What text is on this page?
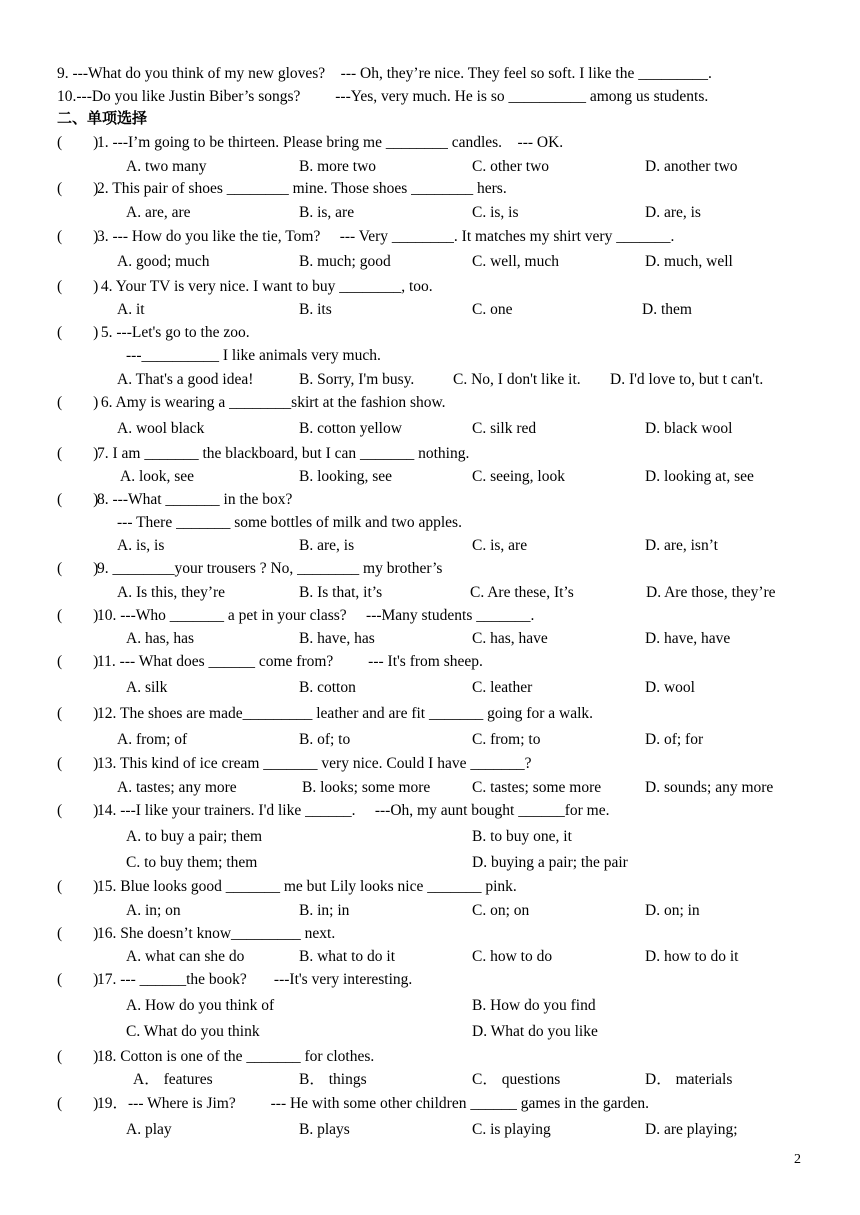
9. ---What do you think of my new gloves?    --- Oh, they’re nice. They feel so soft. I like the _________.
10.---Do you like Justin Biber’s songs?         ---Yes, very much. He is so __________ among us students.
二、单项选择
(        )
1. ---I’m going to be thirteen. Please bring me ________ candles.    --- OK.
A. two many	B. more two	C. other two	D. another two
(        )
2. This pair of shoes ________ mine. Those shoes ________ hers.
A. are, are	B. is, are	C. is, is	D. are, is
(        )
3. --- How do you like the tie, Tom?     --- Very ________. It matches my shirt very _______.
A. good; much	B. much; good	C. well, much	D. much, well
(        )
4. Your TV is very nice. I want to buy ________, too.
A. it	B. its	C. one	D. them
(        )
5. ---Let's go to the zoo.
---__________ I like animals very much.
A. That's a good idea!	B. Sorry, I'm busy. C. No, I don't like it. D. I'd love to, but t can't.
(        )
6. Amy is wearing a ________skirt at the fashion show.
A. wool black	B. cotton yellow	C. silk red	D. black wool
(        )
7. I am _______ the blackboard, but I can _______ nothing.
A. look, see	B. looking, see	C. seeing, look	D. looking at, see
(        )
8. ---What _______ in the box?
--- There _______ some bottles of milk and two apples.
A. is, is	B. are, is	C. is, are	D. are, isn’t
(        )
9. ________your trousers ? No, ________ my brother’s
A. Is this, they’re	B. Is that, it’s	C. Are these, It’s	D. Are those, they’re
(        )
10. ---Who _______ a pet in your class?     ---Many students _______.
A. has, has	B. have, has	C. has, have	D. have, have
(        )
11. --- What does ______ come from?         --- It's from sheep.
A. silk	B. cotton	C. leather	D. wool
(        )
12. The shoes are made_________ leather and are fit _______ going for a walk.
A. from; of	B. of; to	C. from; to	D. of; for
(        )
13. This kind of ice cream _______ very nice. Could I have _______?
A. tastes; any more	B. looks; some more	C. tastes; some more	D. sounds; any more
(        )
14. ---I like your trainers. I'd like ______.     ---Oh, my aunt bought ______for me.
A. to buy a pair; them	B. to buy one, it
C. to buy them; them	D. buying a pair; the pair
(        )
15. Blue looks good _______ me but Lily looks nice _______ pink.
A. in; on	B. in; in	C. on; on	D. on; in
(        )
16. She doesn’t know_________ next.
A. what can she do	B. what to do it	C. how to do	D. how to do it
(        )
17. --- ______the book?       ---It's very interesting.
A. How do you think of	B. How do you find
C. What do you think	D. What do you like
(        )
18. Cotton is one of the _______ for clothes.
A． features	B． things	C． questions	D． materials
(        )
19．--- Where is Jim?         --- He with some other children ______ games in the garden.
A. play	B. plays	C. is playing	D. are playing;
2
